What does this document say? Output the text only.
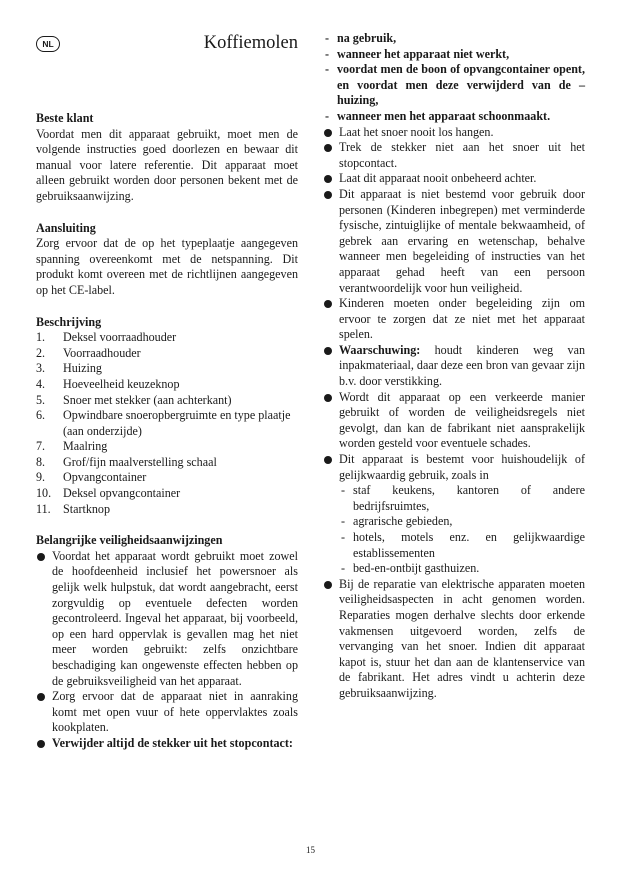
NL	Koffiemolen
Beste klant

Voordat men dit apparaat gebruikt, moet men de volgende instructies goed doorlezen en bewaar dit manual voor latere referentie. Dit apparaat moet alleen gebruikt worden door personen bekent met de gebruiksaanwijzing.

Aansluiting

Zorg ervoor dat de op het typeplaatje aangegeven spanning overeenkomt met de netspanning. Dit produkt komt overeen met de richtlijnen aangegeven op het CE-label.

Beschrijving
1.	Deksel voorraadhouder
2.	Voorraadhouder
3.	Huizing
4.	Hoeveelheid keuzeknop
5.	Snoer met stekker (aan achterkant)
6.	Opwindbare snoeropbergruimte en type plaatje (aan onderzijde)
7.	Maalring
8.	Grof/fijn maalverstelling schaal
9.	Opvangcontainer
10. Deksel opvangcontainer
11.	Startknop
Belangrijke veiligheidsaanwijzingen
Voordat het apparaat wordt gebruikt moet zowel de hoofdeenheid inclusief het powersnoer als gelijk welk hulpstuk, dat wordt aangebracht, eerst zorgvuldig op eventuele defecten worden gecontroleerd. Ingeval het apparaat, bij voorbeeld, op een hard oppervlak is gevallen mag het niet meer worden gebruikt: zelfs onzichtbare beschadiging kan ongewenste effecten hebben op de gebruiksveiligheid van het apparaat.
Zorg ervoor dat de apparaat niet in aanraking komt met open vuur of hete oppervlaktes zoals kookplaten.
Verwijder altijd de stekker uit het stopcontact:
- na gebruik,
- wanneer het apparaat niet werkt,
- voordat men de boon of opvangcontainer opent, en voordat men deze verwijderd van de –huizing,
- wanneer men het apparaat schoonmaakt.
Laat het snoer nooit los hangen.
Trek de stekker niet aan het snoer uit het stopcontact.
Laat dit apparaat nooit onbeheerd achter.
Dit apparaat is niet bestemd voor gebruik door personen (Kinderen inbegrepen) met verminderde fysische, zintuiglijke of mentale bekwaamheid, of gebrek aan ervaring en wetenschap, behalve wanneer men begeleiding of instructies van het apparaat gehad heeft van een persoon verantwoordelijk voor hun veiligheid.
Kinderen moeten onder begeleiding zijn om ervoor te zorgen dat ze niet met het apparaat spelen.
Waarschuwing: houdt kinderen weg van inpakmateriaal, daar deze een bron van gevaar zijn b.v. door verstikking.
Wordt dit apparaat op een verkeerde manier gebruikt of worden de veiligheidsregels niet gevolgt, dan kan de fabrikant niet aansprakelijk worden gesteld voor eventuele schades.
Dit apparaat is bestemt voor huishoudelijk of gelijkwaardig gebruik, zoals in
- staf keukens, kantoren of andere bedrijfsruimtes,
- agrarische gebieden,
- hotels, motels enz. en gelijkwaardige establissementen
- bed-en-ontbijt gasthuizen.
Bij de reparatie van elektrische apparaten moeten veiligheidsaspecten in acht genomen worden. Reparaties mogen derhalve slechts door erkende vakmensen uitgevoerd worden, zelfs de vervanging van het snoer. Indien dit apparaat kapot is, stuur het dan aan de klantenservice van de fabrikant. Het adres vindt u achterin deze gebruiksaanwijzing.
15
